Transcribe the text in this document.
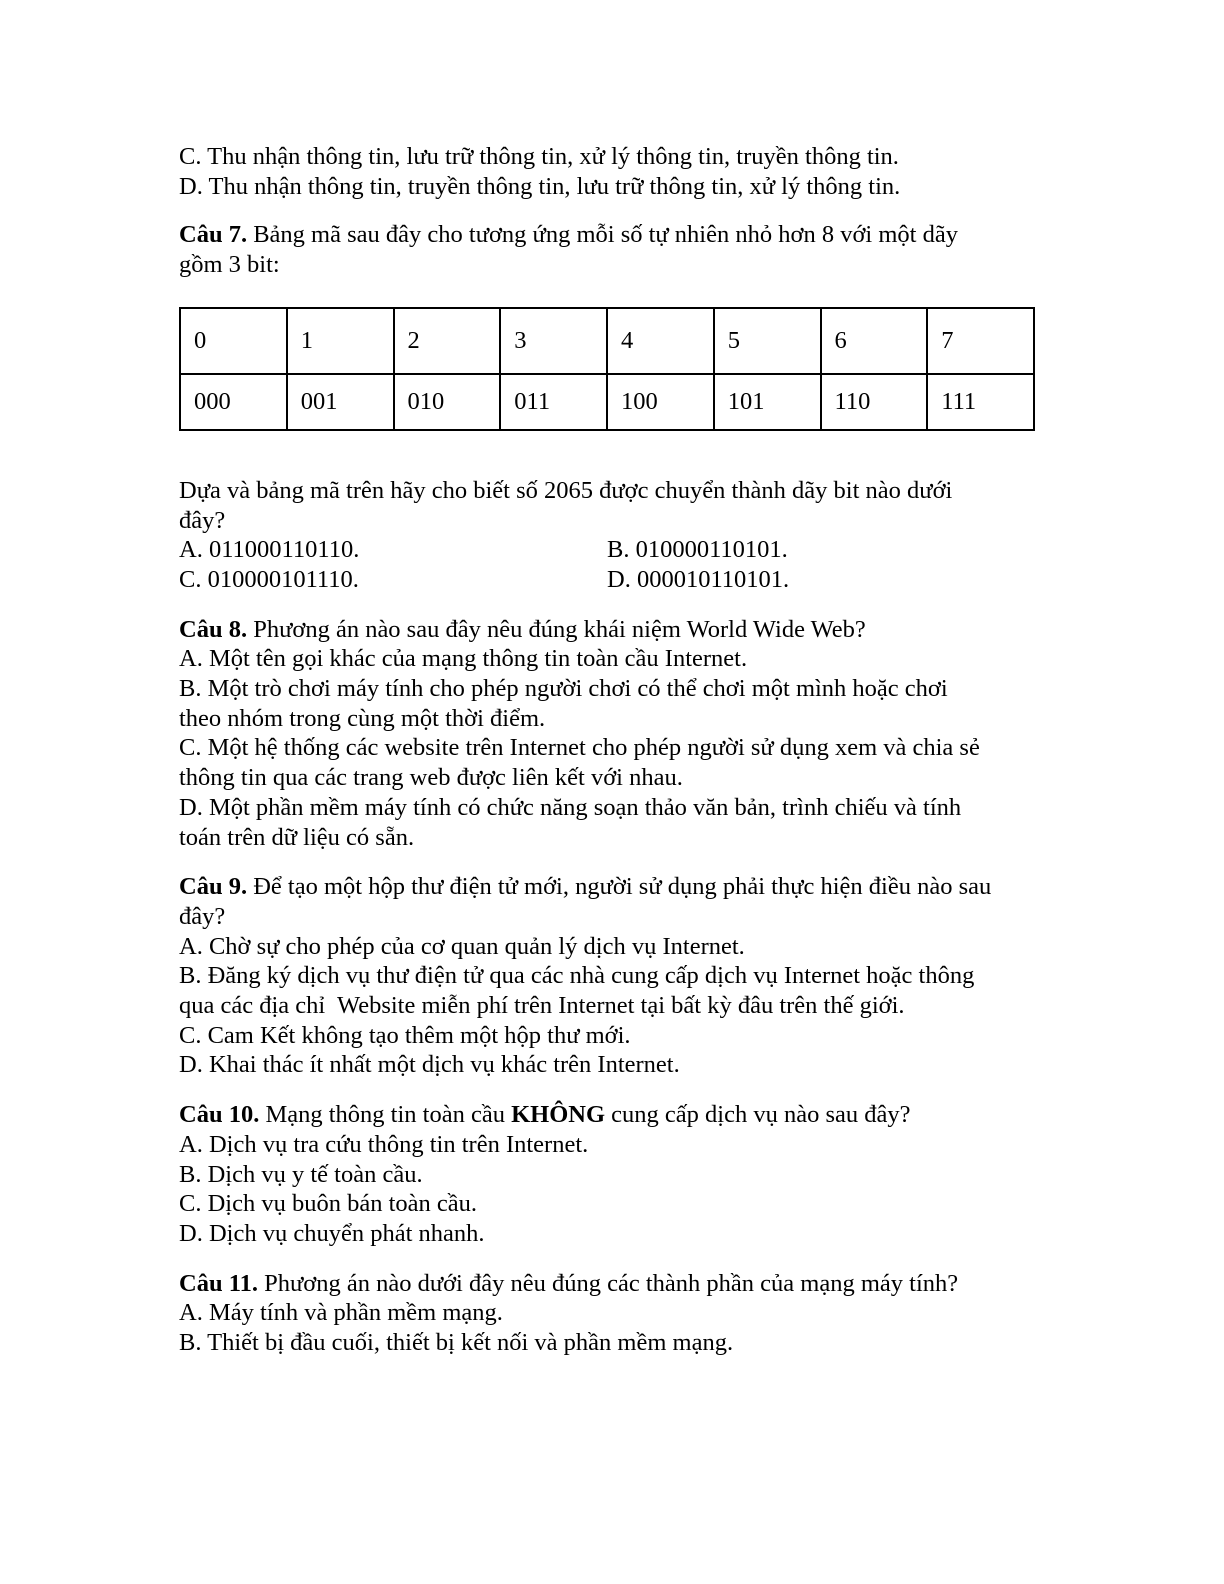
C. Thu nhận thông tin, lưu trữ thông tin, xử lý thông tin, truyền thông tin.
D. Thu nhận thông tin, truyền thông tin, lưu trữ thông tin, xử lý thông tin.
Câu 7. Bảng mã sau đây cho tương ứng mỗi số tự nhiên nhỏ hơn 8 với một dãy
gồm 3 bit:
0	1	2	3	4	5	6	7
000	001	010	011	100	101	110	111
Dựa và bảng mã trên hãy cho biết số 2065 được chuyển thành dãy bit nào dưới
đây?
A. 011000110110.	B. 010000110101.
C. 010000101110.	D. 000010110101.
Câu 8. Phương án nào sau đây nêu đúng khái niệm World Wide Web?
A. Một tên gọi khác của mạng thông tin toàn cầu Internet.
B. Một trò chơi máy tính cho phép người chơi có thể chơi một mình hoặc chơi
theo nhóm trong cùng một thời điểm.
C. Một hệ thống các website trên Internet cho phép người sử dụng xem và chia sẻ
thông tin qua các trang web được liên kết với nhau.
D. Một phần mềm máy tính có chức năng soạn thảo văn bản, trình chiếu và tính
toán trên dữ liệu có sẵn.
Câu 9. Để tạo một hộp thư điện tử mới, người sử dụng phải thực hiện điều nào sau
đây?
A. Chờ sự cho phép của cơ quan quản lý dịch vụ Internet.
B. Đăng ký dịch vụ thư điện tử qua các nhà cung cấp dịch vụ Internet hoặc thông
qua các địa chỉ  Website miễn phí trên Internet tại bất kỳ đâu trên thế giới.
C. Cam Kết không tạo thêm một hộp thư mới.
D. Khai thác ít nhất một dịch vụ khác trên Internet.
Câu 10. Mạng thông tin toàn cầu KHÔNG cung cấp dịch vụ nào sau đây?
A. Dịch vụ tra cứu thông tin trên Internet.
B. Dịch vụ y tế toàn cầu.
C. Dịch vụ buôn bán toàn cầu.
D. Dịch vụ chuyển phát nhanh.
Câu 11. Phương án nào dưới đây nêu đúng các thành phần của mạng máy tính?
A. Máy tính và phần mềm mạng.
B. Thiết bị đầu cuối, thiết bị kết nối và phần mềm mạng.
